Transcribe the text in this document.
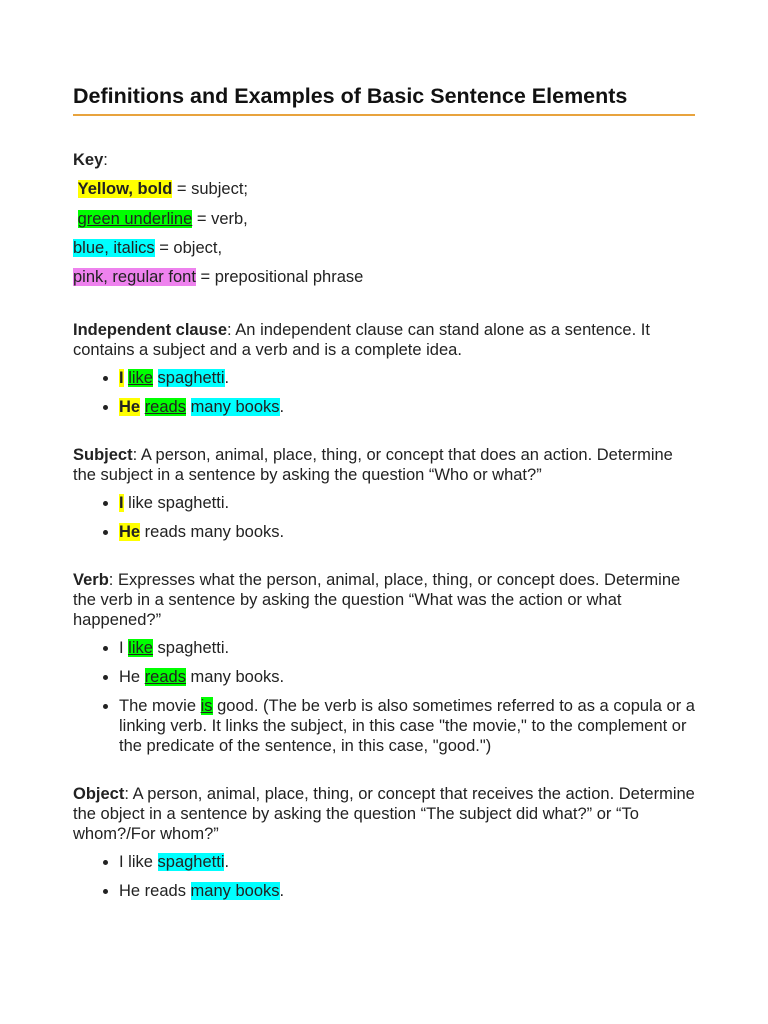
Definitions and Examples of Basic Sentence Elements
Key:
Yellow, bold = subject;
green underline = verb,
blue, italics = object,
pink, regular font = prepositional phrase

Independent clause: An independent clause can stand alone as a sentence. It contains a subject and a verb and is a complete idea.

• I like spaghetti.
• He reads many books.

Subject: A person, animal, place, thing, or concept that does an action. Determine the subject in a sentence by asking the question “Who or what?”

• I like spaghetti.
• He reads many books.

Verb: Expresses what the person, animal, place, thing, or concept does. Determine the verb in a sentence by asking the question “What was the action or what happened?”

• I like spaghetti.
• He reads many books.
• The movie is good. (The be verb is also sometimes referred to as a copula or a linking verb. It links the subject, in this case "the movie," to the complement or the predicate of the sentence, in this case, "good.")

Object: A person, animal, place, thing, or concept that receives the action. Determine the object in a sentence by asking the question “The subject did what?” or “To whom?/For whom?”

• I like spaghetti.
• He reads many books.
